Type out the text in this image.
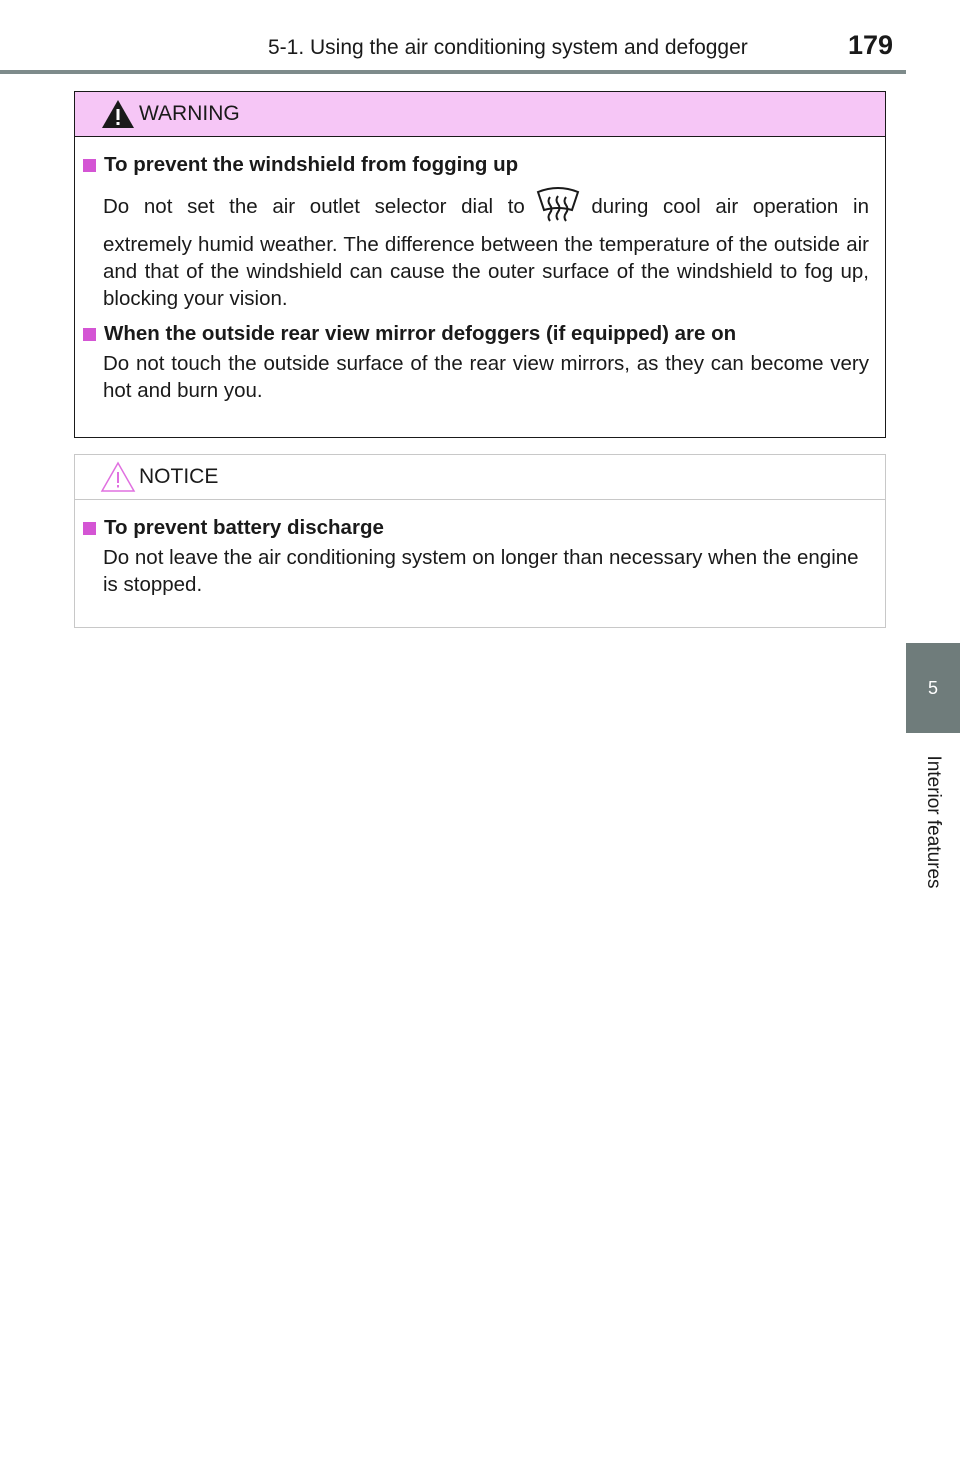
5-1. Using the air conditioning system and defogger	179
5
Interior features
WARNING
To prevent the windshield from fogging up
Do not set the air outlet selector dial to	during cool air operation in
extremely humid weather. The difference between the temperature of the outside air and that of the windshield can cause the outer surface of the windshield to fog up, blocking your vision.
When the outside rear view mirror defoggers (if equipped) are on
Do not touch the outside surface of the rear view mirrors, as they can become very hot and burn you.
NOTICE
To prevent battery discharge
Do not leave the air conditioning system on longer than necessary when the engine is stopped.
